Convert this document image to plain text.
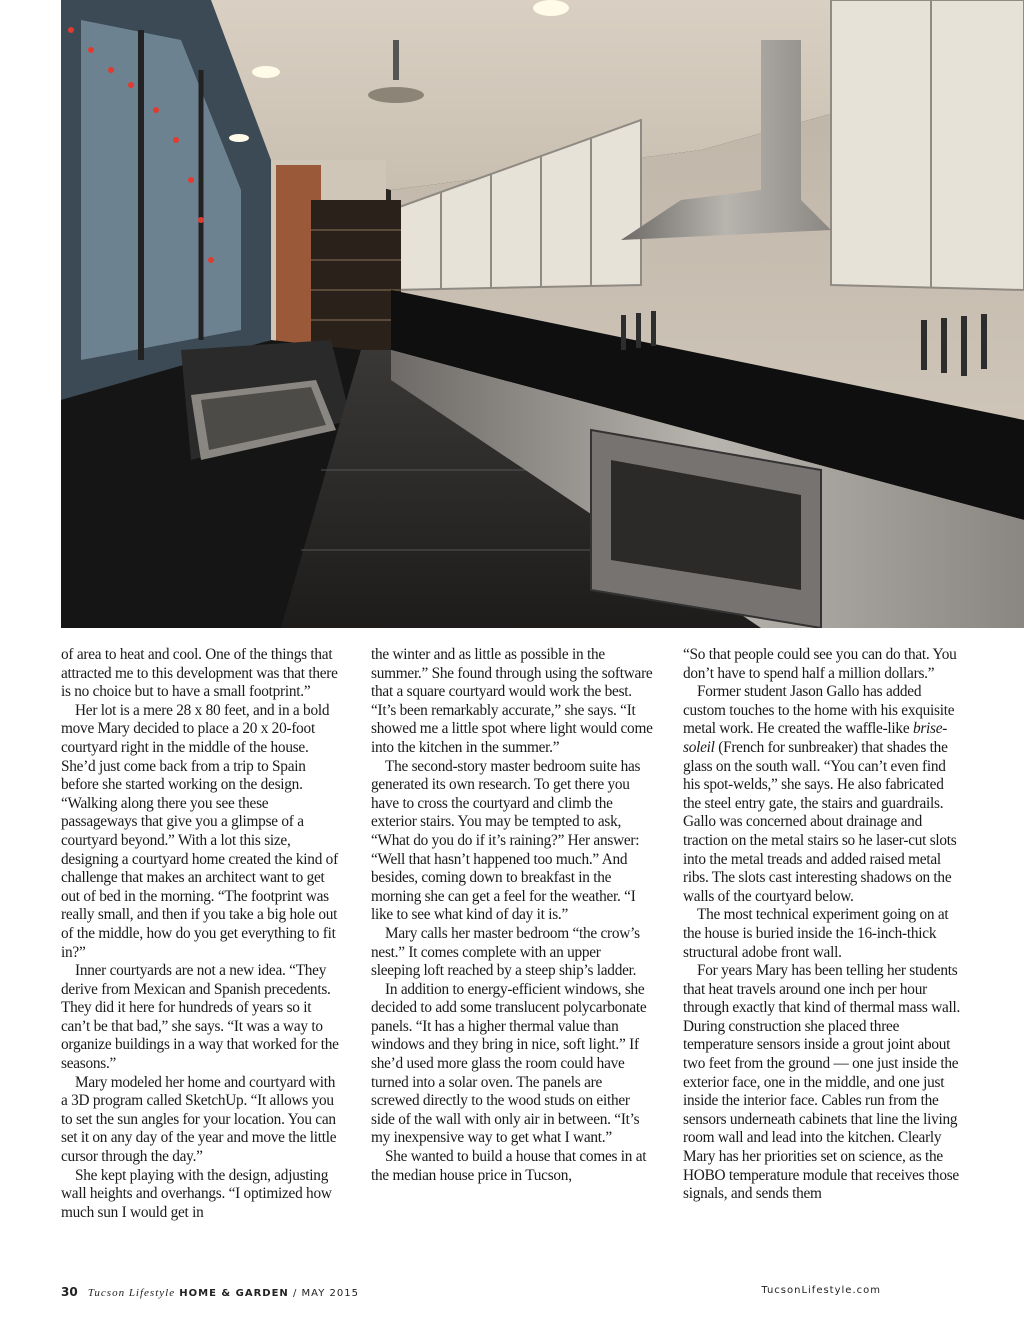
of area to heat and cool. One of the things that attracted me to this development was that there is no choice but to have a small footprint.”

Her lot is a mere 28 x 80 feet, and in a bold move Mary decided to place a 20 x 20-foot courtyard right in the middle of the house. She’d just come back from a trip to Spain before she started working on the design. “Walking along there you see these passageways that give you a glimpse of a courtyard beyond.” With a lot this size, designing a courtyard home created the kind of challenge that makes an architect want to get out of bed in the morning. “The footprint was really small, and then if you take a big hole out of the middle, how do you get everything to fit in?”

Inner courtyards are not a new idea. “They derive from Mexican and Spanish precedents. They did it here for hundreds of years so it can’t be that bad,” she says. “It was a way to organize buildings in a way that worked for the seasons.”

Mary modeled her home and courtyard with a 3D program called SketchUp. “It allows you to set the sun angles for your location. You can set it on any day of the year and move the little cursor through the day.”

She kept playing with the design, adjusting wall heights and overhangs. “I optimized how much sun I would get in

the winter and as little as possible in the summer.” She found through using the software that a square courtyard would work the best. “It’s been remarkably accurate,” she says. “It showed me a little spot where light would come into the kitchen in the summer.”

The second-story master bedroom suite has generated its own research. To get there you have to cross the courtyard and climb the exterior stairs. You may be tempted to ask, “What do you do if it’s raining?” Her answer: “Well that hasn’t happened too much.” And besides, coming down to breakfast in the morning she can get a feel for the weather. “I like to see what kind of day it is.”

Mary calls her master bedroom “the crow’s nest.” It comes complete with an upper sleeping loft reached by a steep ship’s ladder.

In addition to energy-efficient windows, she decided to add some translucent polycarbonate panels. “It has a higher thermal value than windows and they bring in nice, soft light.” If she’d used more glass the room could have turned into a solar oven. The panels are screwed directly to the wood studs on either side of the wall with only air in between. “It’s my inexpensive way to get what I want.”

She wanted to build a house that comes in at the median house price in Tucson,

“So that people could see you can do that. You don’t have to spend half a million dollars.”

Former student Jason Gallo has added custom touches to the home with his exquisite metal work. He created the waffle-like brise-soleil (French for sunbreaker) that shades the glass on the south wall. “You can’t even find his spot-welds,” she says. He also fabricated the steel entry gate, the stairs and guardrails. Gallo was concerned about drainage and traction on the metal stairs so he laser-cut slots into the metal treads and added raised metal ribs. The slots cast interesting shadows on the walls of the courtyard below.

The most technical experiment going on at the house is buried inside the 16-inch-thick structural adobe front wall.

For years Mary has been telling her students that heat travels around one inch per hour through exactly that kind of thermal mass wall. During construction she placed three temperature sensors inside a grout joint about two feet from the ground — one just inside the exterior face, one in the middle, and one just inside the interior face. Cables run from the sensors underneath cabinets that line the living room wall and lead into the kitchen. Clearly Mary has her priorities set on science, as the HOBO temperature module that receives those signals, and sends them

30 Tucson Lifestyle HOME & GARDEN / MAY 2015	TucsonLifestyle.com
